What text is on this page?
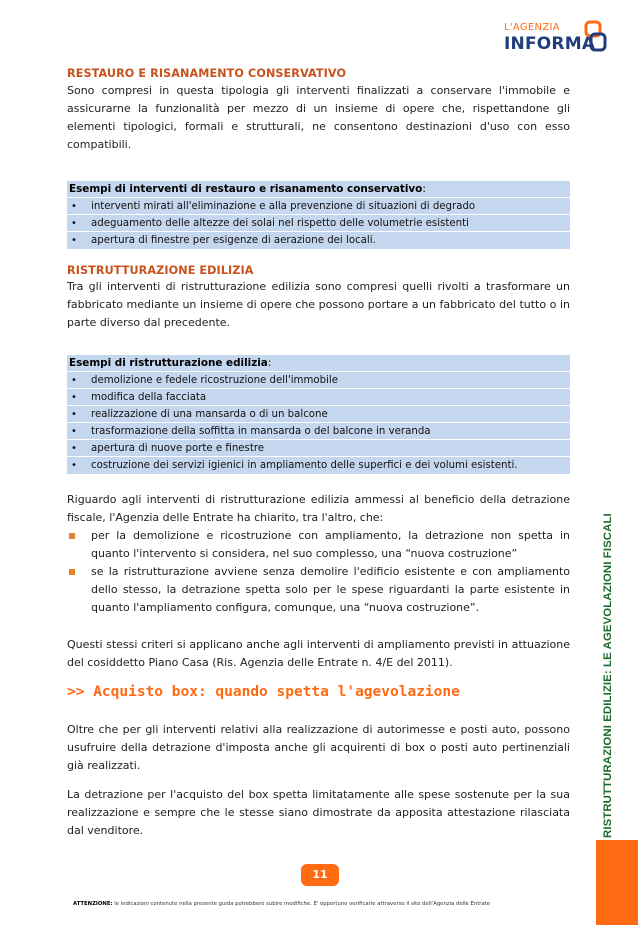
L'AGENZIA
INFORMA
RESTAURO E RISANAMENTO CONSERVATIVO
Sono compresi in questa tipologia gli interventi finalizzati a conservare l'immobile e assicurarne la funzionalità per mezzo di un insieme di opere che, rispettandone gli elementi tipologici, formali e strutturali, ne consentono destinazioni d'uso con esso compatibili.
Esempi di interventi di restauro e risanamento conservativo:
•	interventi mirati all'eliminazione e alla prevenzione di situazioni di degrado
•	adeguamento delle altezze dei solai nel rispetto delle volumetrie esistenti
•	apertura di finestre per esigenze di aerazione dei locali.
RISTRUTTURAZIONE EDILIZIA
Tra gli interventi di ristrutturazione edilizia sono compresi quelli rivolti a trasformare un fabbricato mediante un insieme di opere che possono portare a un fabbricato del tutto o in parte diverso dal precedente.
Esempi di ristrutturazione edilizia:
•	demolizione e fedele ricostruzione dell'immobile
•	modifica della facciata
•	realizzazione di una mansarda o di un balcone
•	trasformazione della soffitta in mansarda o del balcone in veranda
•	apertura di nuove porte e finestre
•	costruzione dei servizi igienici in ampliamento delle superfici e dei volumi esistenti.
Riguardo agli interventi di ristrutturazione edilizia ammessi al beneficio della detrazione fiscale, l'Agenzia delle Entrate ha chiarito, tra l'altro, che:
per la demolizione e ricostruzione con ampliamento, la detrazione non spetta in quanto l'intervento si considera, nel suo complesso, una “nuova costruzione”
se la ristrutturazione avviene senza demolire l'edificio esistente e con ampliamento dello stesso, la detrazione spetta solo per le spese riguardanti la parte esistente in quanto l'ampliamento configura, comunque, una “nuova costruzione”.
Questi stessi criteri si applicano anche agli interventi di ampliamento previsti in attuazione del cosiddetto Piano Casa (Ris. Agenzia delle Entrate n. 4/E del 2011).
>> Acquisto box: quando spetta l'agevolazione
Oltre che per gli interventi relativi alla realizzazione di autorimesse e posti auto, possono usufruire della detrazione d'imposta anche gli acquirenti di box o posti auto pertinenziali già realizzati.
La detrazione per l'acquisto del box spetta limitatamente alle spese sostenute per la sua realizzazione e sempre che le stesse siano dimostrate da apposita attestazione rilasciata dal venditore.
11
ATTENZIONE: le indicazioni contenute nella presente guida potrebbero subire modifiche. E' opportuno verificarle attraverso il sito dell'Agenzia delle Entrate
RISTRUTTURAZIONI EDILIZIE: LE AGEVOLAZIONI FISCALI
